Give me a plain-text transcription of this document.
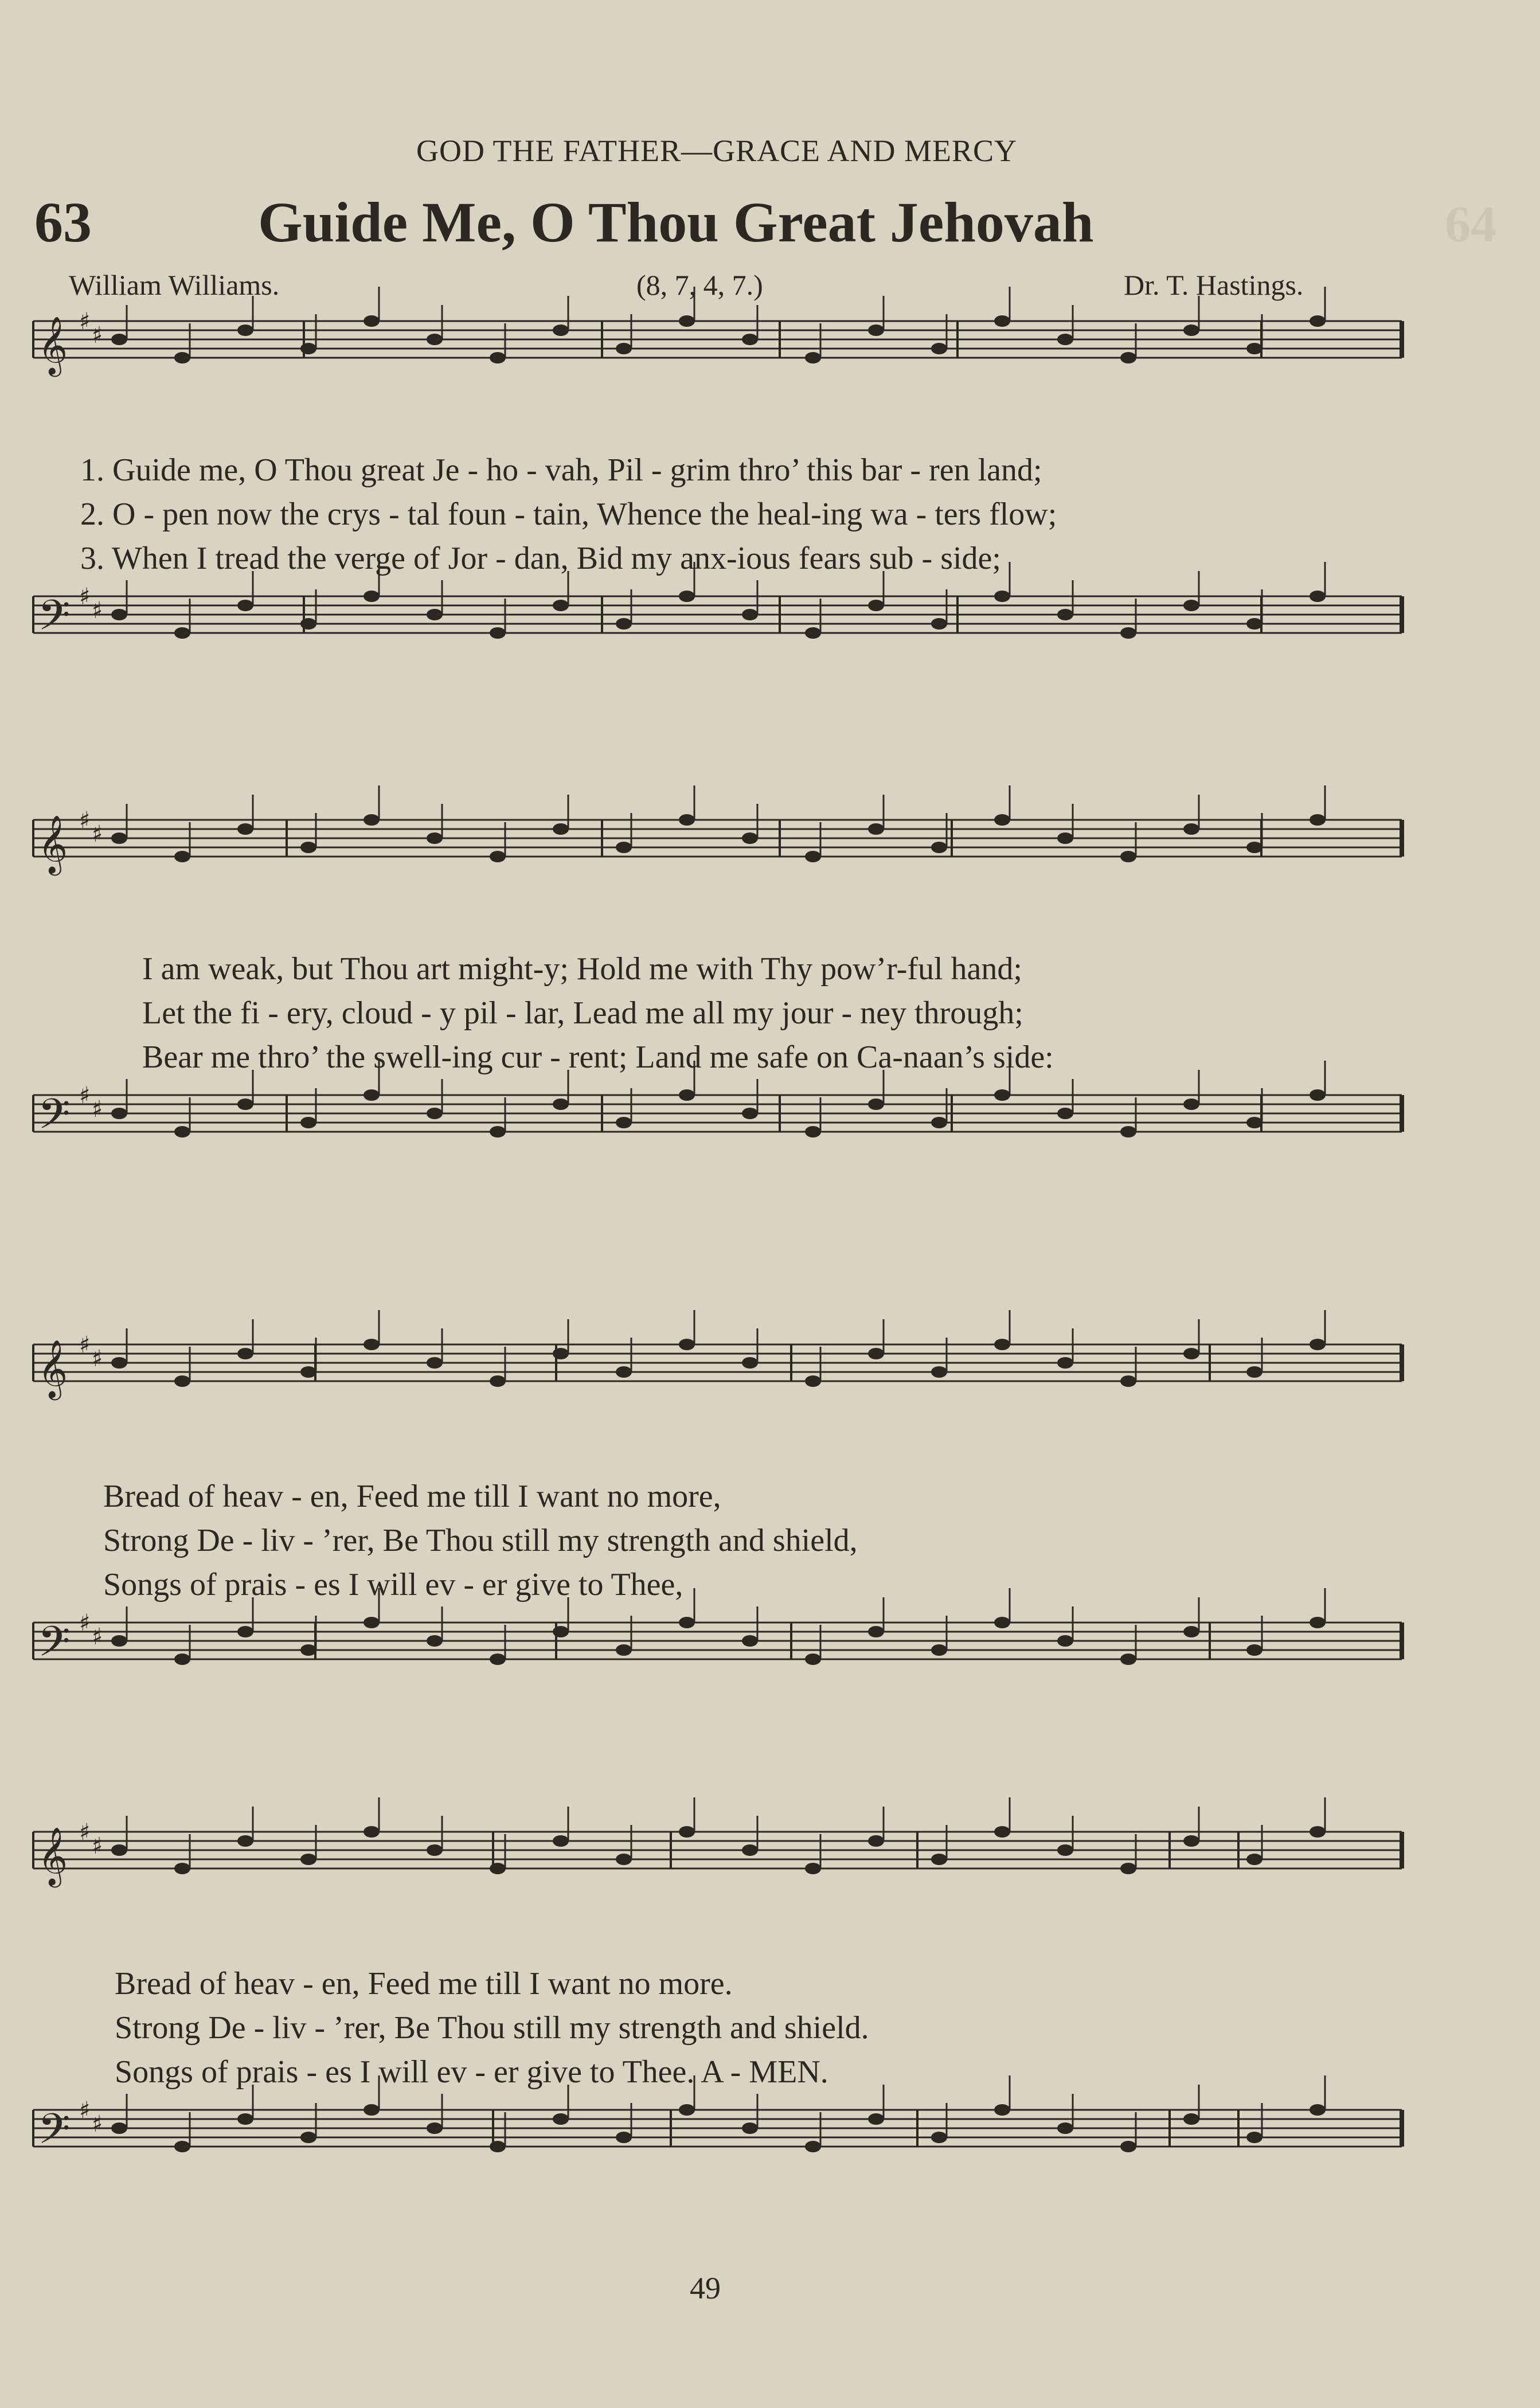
GOD THE FATHER—GRACE AND MERCY
63	Guide Me, O Thou Great Jehovah	64
William Williams.	(8, 7, 4, 7.)	Dr. T. Hastings.
𝄞 ♯
♯
𝄢 ♯
♯
𝄞 ♯
♯
𝄢 ♯
♯
𝄞 ♯
♯
𝄢 ♯
♯
𝄞 ♯
♯
𝄢 ♯
♯
1. Guide me, O Thou great Je - ho - vah, Pil - grim thro’ this bar - ren land;
2. O - pen now the crys - tal foun - tain, Whence the heal-ing wa - ters flow;
3. When I tread the verge of Jor - dan, Bid my anx-ious fears sub - side;
I am weak, but Thou art might-y; Hold me with Thy pow’r-ful hand;
Let the fi - ery, cloud - y pil - lar, Lead me all my jour - ney through;
Bear me thro’ the swell-ing cur - rent; Land me safe on Ca-naan’s side:
Bread of heav - en, Feed me till I want no more,
Strong De - liv - ’rer, Be Thou still my strength and shield,
Songs of prais - es I will ev - er give to Thee,
Bread of heav - en, Feed me till I want no more.
Strong De - liv - ’rer, Be Thou still my strength and shield.
Songs of prais - es I will ev - er give to Thee. A - MEN.
49
